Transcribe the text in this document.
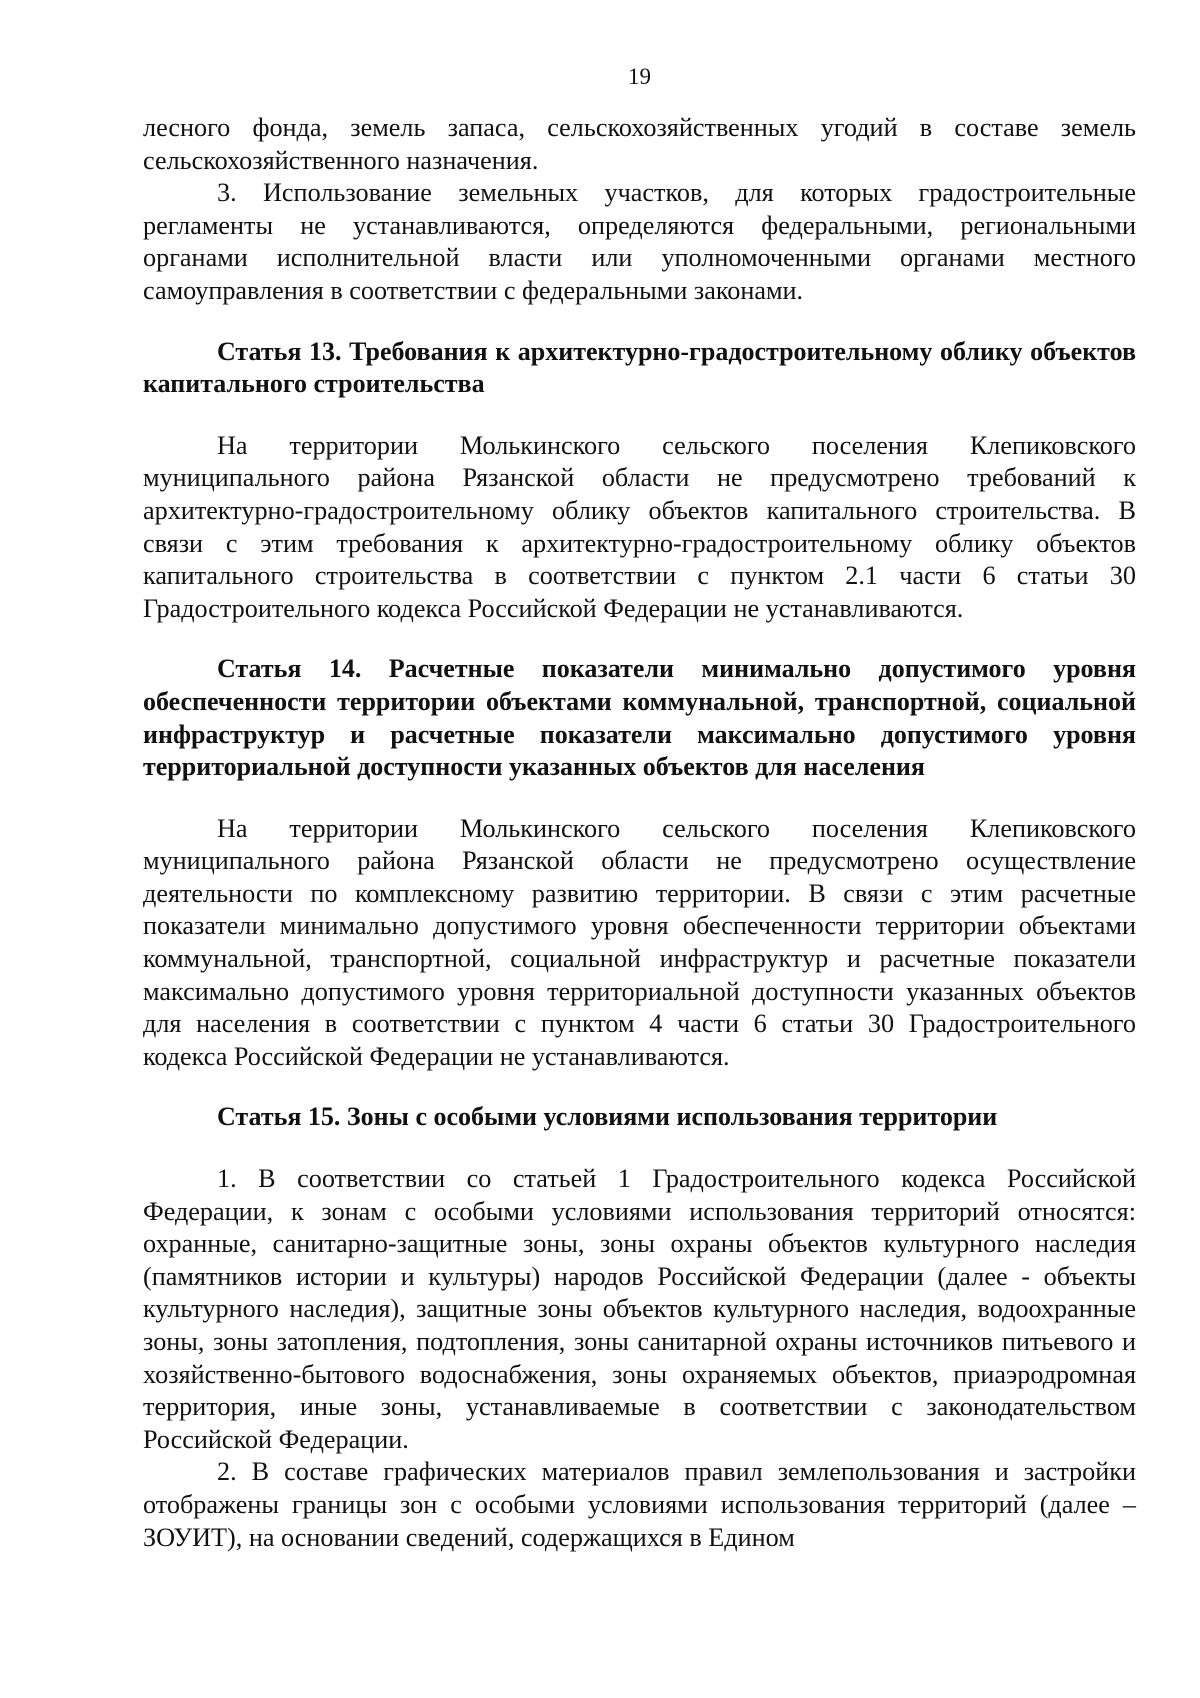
19

лесного фонда, земель запаса, сельскохозяйственных угодий в составе земель сельскохозяйственного назначения.

3. Использование земельных участков, для которых градостроительные регламенты не устанавливаются, определяются федеральными, региональными органами исполнительной власти или уполномоченными органами местного самоуправления в соответствии с федеральными законами.

Статья 13. Требования к архитектурно-градостроительному облику объектов капитального строительства

На территории Молькинского сельского поселения Клепиковского муниципального района Рязанской области не предусмотрено требований к архитектурно-градостроительному облику объектов капитального строительства. В связи с этим требования к архитектурно-градостроительному облику объектов капитального строительства в соответствии с пунктом 2.1 части 6 статьи 30 Градостроительного кодекса Российской Федерации не устанавливаются.

Статья 14. Расчетные показатели минимально допустимого уровня обеспеченности территории объектами коммунальной, транспортной, социальной инфраструктур и расчетные показатели максимально допустимого уровня территориальной доступности указанных объектов для населения

На территории Молькинского сельского поселения Клепиковского муниципального района Рязанской области не предусмотрено осуществление деятельности по комплексному развитию территории. В связи с этим расчетные показатели минимально допустимого уровня обеспеченности территории объектами коммунальной, транспортной, социальной инфраструктур и расчетные показатели максимально допустимого уровня территориальной доступности указанных объектов для населения в соответствии с пунктом 4 части 6 статьи 30 Градостроительного кодекса Российской Федерации не устанавливаются.

Статья 15. Зоны с особыми условиями использования территории

1. В соответствии со статьей 1 Градостроительного кодекса Российской Федерации, к зонам с особыми условиями использования территорий относятся: охранные, санитарно-защитные зоны, зоны охраны объектов культурного наследия (памятников истории и культуры) народов Российской Федерации (далее - объекты культурного наследия), защитные зоны объектов культурного наследия, водоохранные зоны, зоны затопления, подтопления, зоны санитарной охраны источников питьевого и хозяйственно-бытового водоснабжения, зоны охраняемых объектов, приаэродромная территория, иные зоны, устанавливаемые в соответствии с законодательством Российской Федерации.

2. В составе графических материалов правил землепользования и застройки отображены границы зон с особыми условиями использования территорий (далее – ЗОУИТ), на основании сведений, содержащихся в Едином
